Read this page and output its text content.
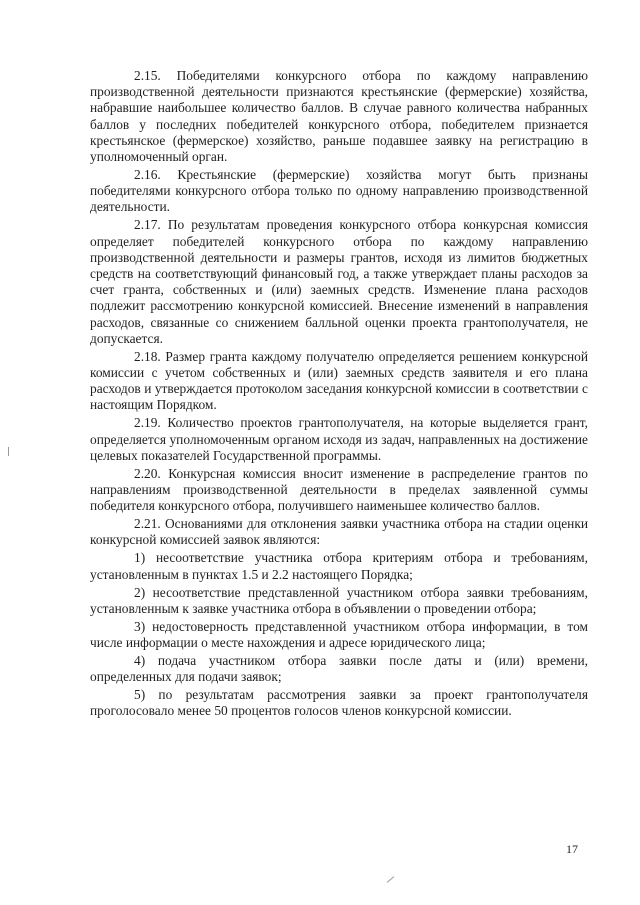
2.15. Победителями конкурсного отбора по каждому направлению производственной деятельности признаются крестьянские (фермерские) хозяйства, набравшие наибольшее количество баллов. В случае равного количества набранных баллов у последних победителей конкурсного отбора, победителем признается крестьянское (фермерское) хозяйство, раньше подавшее заявку на регистрацию в уполномоченный орган.

2.16. Крестьянские (фермерские) хозяйства могут быть признаны победителями конкурсного отбора только по одному направлению производственной деятельности.

2.17. По результатам проведения конкурсного отбора конкурсная комиссия определяет победителей конкурсного отбора по каждому направлению производственной деятельности и размеры грантов, исходя из лимитов бюджетных средств на соответствующий финансовый год, а также утверждает планы расходов за счет гранта, собственных и (или) заемных средств. Изменение плана расходов подлежит рассмотрению конкурсной комиссией. Внесение изменений в направления расходов, связанные со снижением балльной оценки проекта грантополучателя, не допускается.

2.18. Размер гранта каждому получателю определяется решением конкурсной комиссии с учетом собственных и (или) заемных средств заявителя и его плана расходов и утверждается протоколом заседания конкурсной комиссии в соответствии с настоящим Порядком.

2.19. Количество проектов грантополучателя, на которые выделяется грант, определяется уполномоченным органом исходя из задач, направленных на достижение целевых показателей Государственной программы.

2.20. Конкурсная комиссия вносит изменение в распределение грантов по направлениям производственной деятельности в пределах заявленной суммы победителя конкурсного отбора, получившего наименьшее количество баллов.

2.21. Основаниями для отклонения заявки участника отбора на стадии оценки конкурсной комиссией заявок являются:

1) несоответствие участника отбора критериям отбора и требованиям, установленным в пунктах 1.5 и 2.2 настоящего Порядка;

2) несоответствие представленной участником отбора заявки требованиям, установленным к заявке участника отбора в объявлении о проведении отбора;

3) недостоверность представленной участником отбора информации, в том числе информации о месте нахождения и адресе юридического лица;

4) подача участником отбора заявки после даты и (или) времени, определенных для подачи заявок;

5) по результатам рассмотрения заявки за проект грантополучателя проголосовало менее 50 процентов голосов членов конкурсной комиссии.

17
